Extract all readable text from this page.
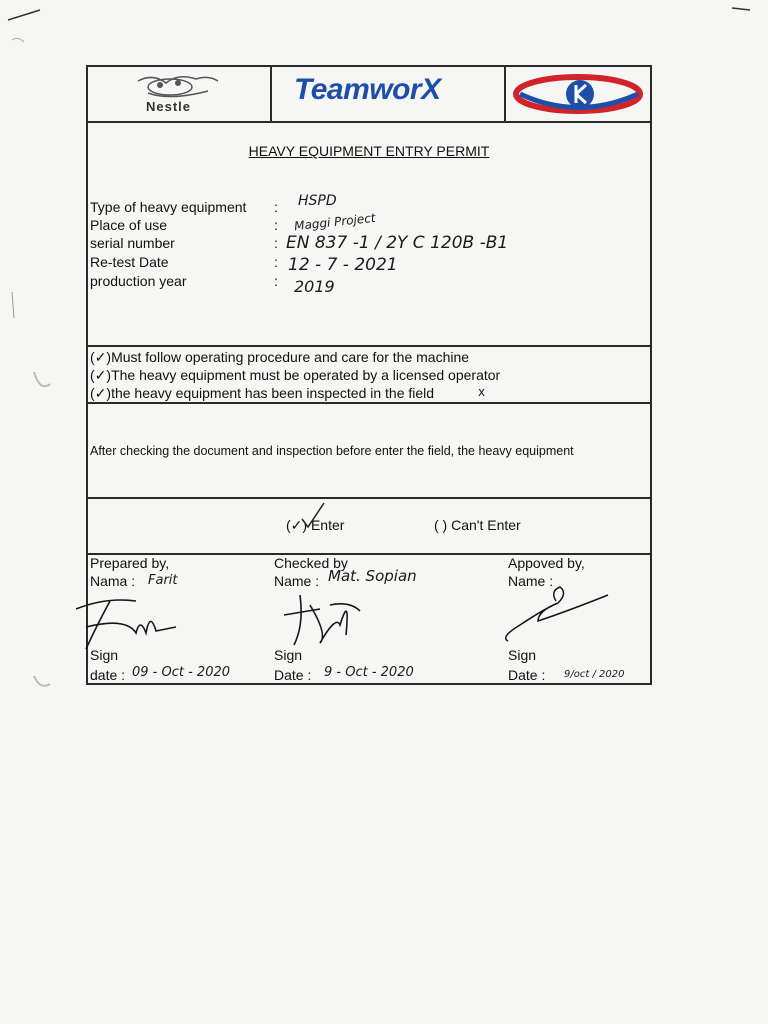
Nestle
TeamworX
HEAVY EQUIPMENT ENTRY PERMIT
Type of heavy equipment
Place of use
serial number
Re-test Date
production year
:
:
:
:
:
HSPD
Maggi Project
EN 837 -1 / 2Y C 120B -B1
12 - 7 - 2021
2019
(✓)Must follow operating procedure and care for the machine
(✓)The heavy equipment must be operated by a licensed operator
(✓)the heavy equipment has been inspected in the field	x
After checking the document and inspection before enter the field, the heavy equipment
(✓) Enter	( ) Can't Enter
Prepared by,
Nama : Farit
Sign
date : 09 - Oct - 2020
Checked by
Name : Mat. Sopian
Sign
Date : 9 - Oct - 2020
Appoved by,
Name :
Sign
Date : 9/oct / 2020
